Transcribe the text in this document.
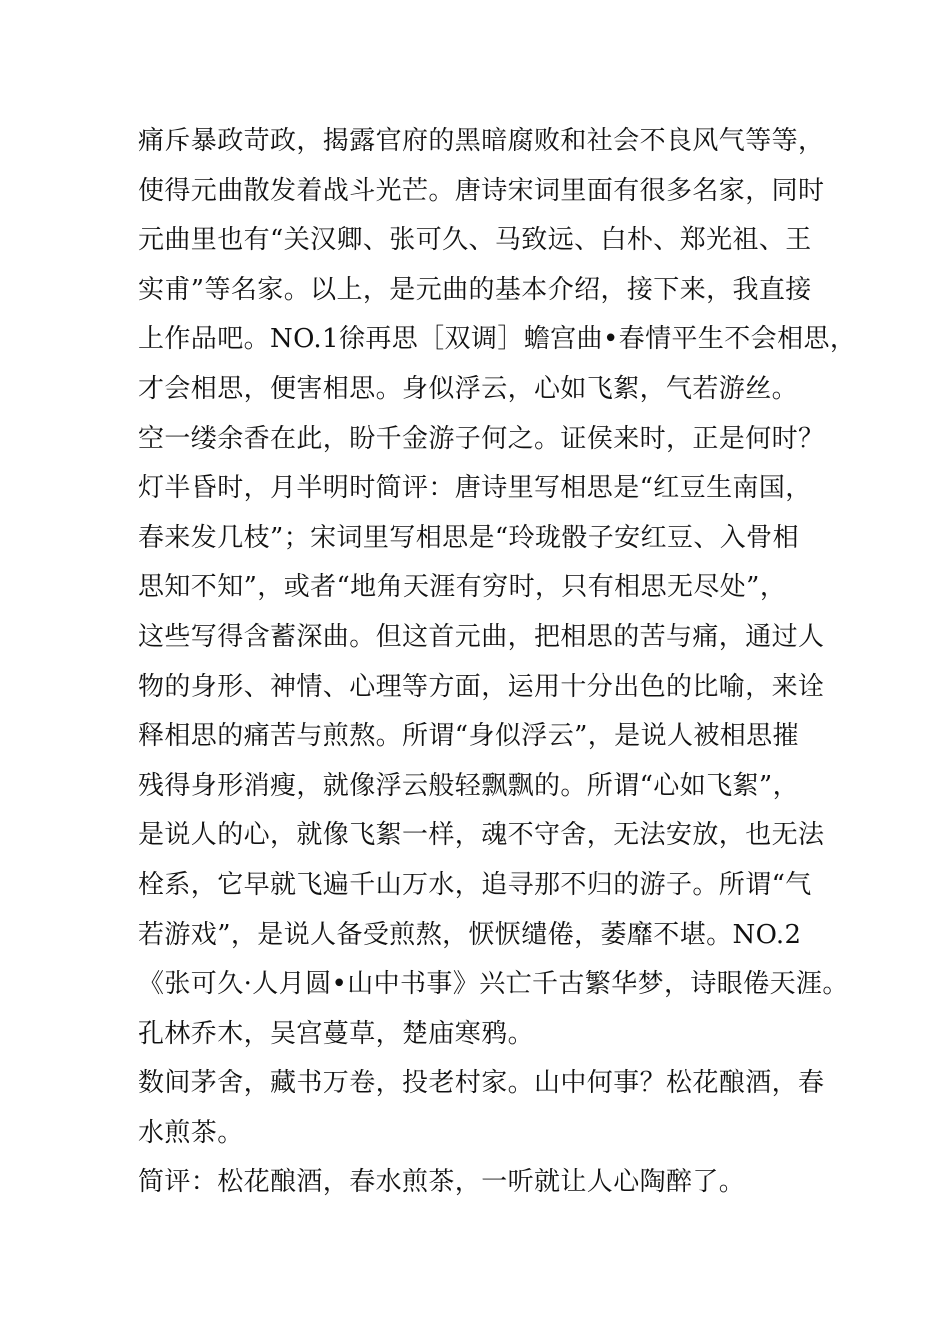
痛斥暴政苛政，揭露官府的黑暗腐败和社会不良风气等等，
使得元曲散发着战斗光芒。唐诗宋词里面有很多名家，同时
元曲里也有“关汉卿、张可久、马致远、白朴、郑光祖、王
实甫”等名家。以上，是元曲的基本介绍，接下来，我直接
上作品吧。NO.1徐再思［双调］蟾宫曲•春情平生不会相思，
才会相思，便害相思。身似浮云，心如飞絮，气若游丝。
空一缕余香在此，盼千金游子何之。证侯来时，正是何时？
灯半昏时，月半明时简评：唐诗里写相思是“红豆生南国，
春来发几枝”；宋词里写相思是“玲珑骰子安红豆、入骨相
思知不知”，或者“地角天涯有穷时，只有相思无尽处”，
这些写得含蓄深曲。但这首元曲，把相思的苦与痛，通过人
物的身形、神情、心理等方面，运用十分出色的比喻，来诠
释相思的痛苦与煎熬。所谓“身似浮云”，是说人被相思摧
残得身形消瘦，就像浮云般轻飘飘的。所谓“心如飞絮”，
是说人的心，就像飞絮一样，魂不守舍，无法安放，也无法
栓系，它早就飞遍千山万水，追寻那不归的游子。所谓“气
若游戏”，是说人备受煎熬，恹恹缱倦，萎靡不堪。NO.2
《张可久·人月圆•山中书事》兴亡千古繁华梦，诗眼倦天涯。
孔林乔木，吴宫蔓草，楚庙寒鸦。
数间茅舍，藏书万卷，投老村家。山中何事？松花酿酒，春
水煎茶。
简评：松花酿酒，春水煎茶，一听就让人心陶醉了。
